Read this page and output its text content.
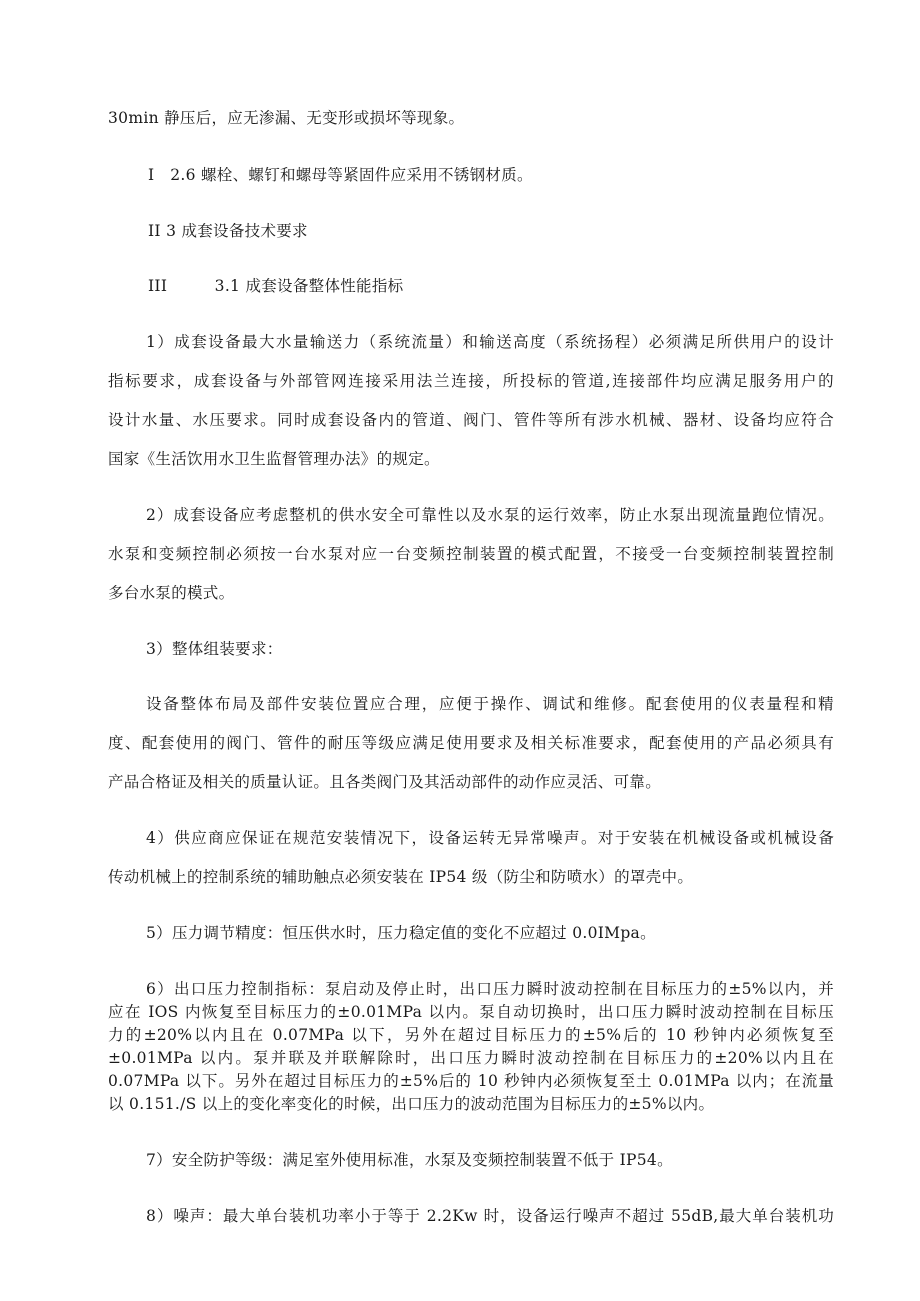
30min 静压后，应无渗漏、无变形或损坏等现象。

I　2.6 螺栓、螺钉和螺母等紧固件应采用不锈钢材质。

II 3 成套设备技术要求

III　　　3.1 成套设备整体性能指标

1）成套设备最大水量输送力（系统流量）和输送高度（系统扬程）必须满足所供用户的设计

指标要求，成套设备与外部管网连接采用法兰连接，所投标的管道,连接部件均应满足服务用户的

设计水量、水压要求。同时成套设备内的管道、阀门、管件等所有涉水机械、器材、设备均应符合

国家《生活饮用水卫生监督管理办法》的规定。

2）成套设备应考虑整机的供水安全可靠性以及水泵的运行效率，防止水泵出现流量跑位情况。

水泵和变频控制必须按一台水泵对应一台变频控制装置的模式配置，不接受一台变频控制装置控制

多台水泵的模式。

3）整体组装要求：

设备整体布局及部件安装位置应合理，应便于操作、调试和维修。配套使用的仪表量程和精

度、配套使用的阀门、管件的耐压等级应满足使用要求及相关标准要求，配套使用的产品必须具有

产品合格证及相关的质量认证。且各类阀门及其活动部件的动作应灵活、可靠。

4）供应商应保证在规范安装情况下，设备运转无异常噪声。对于安装在机械设备或机械设备

传动机械上的控制系统的辅助触点必须安装在 IP54 级（防尘和防喷水）的罩壳中。

5）压力调节精度：恒压供水时，压力稳定值的变化不应超过 0.0IMpa。

6）出口压力控制指标：泵启动及停止时，出口压力瞬时波动控制在目标压力的±5%以内，并

应在 IOS 内恢复至目标压力的±0.01MPa 以内。泵自动切换时，出口压力瞬时波动控制在目标压

力的±20%以内且在 0.07MPa 以下，另外在超过目标压力的±5%后的 10 秒钟内必须恢复至

±0.01MPa 以内。泵并联及并联解除时，出口压力瞬时波动控制在目标压力的±20%以内且在

0.07MPa 以下。另外在超过目标压力的±5%后的 10 秒钟内必须恢复至土 0.01MPa 以内；在流量

以 0.151./S 以上的变化率变化的时候，出口压力的波动范围为目标压力的±5%以内。

7）安全防护等级：满足室外使用标准，水泵及变频控制装置不低于 IP54。

8）噪声：最大单台装机功率小于等于 2.2Kw 时，设备运行噪声不超过 55dB,最大单台装机功
